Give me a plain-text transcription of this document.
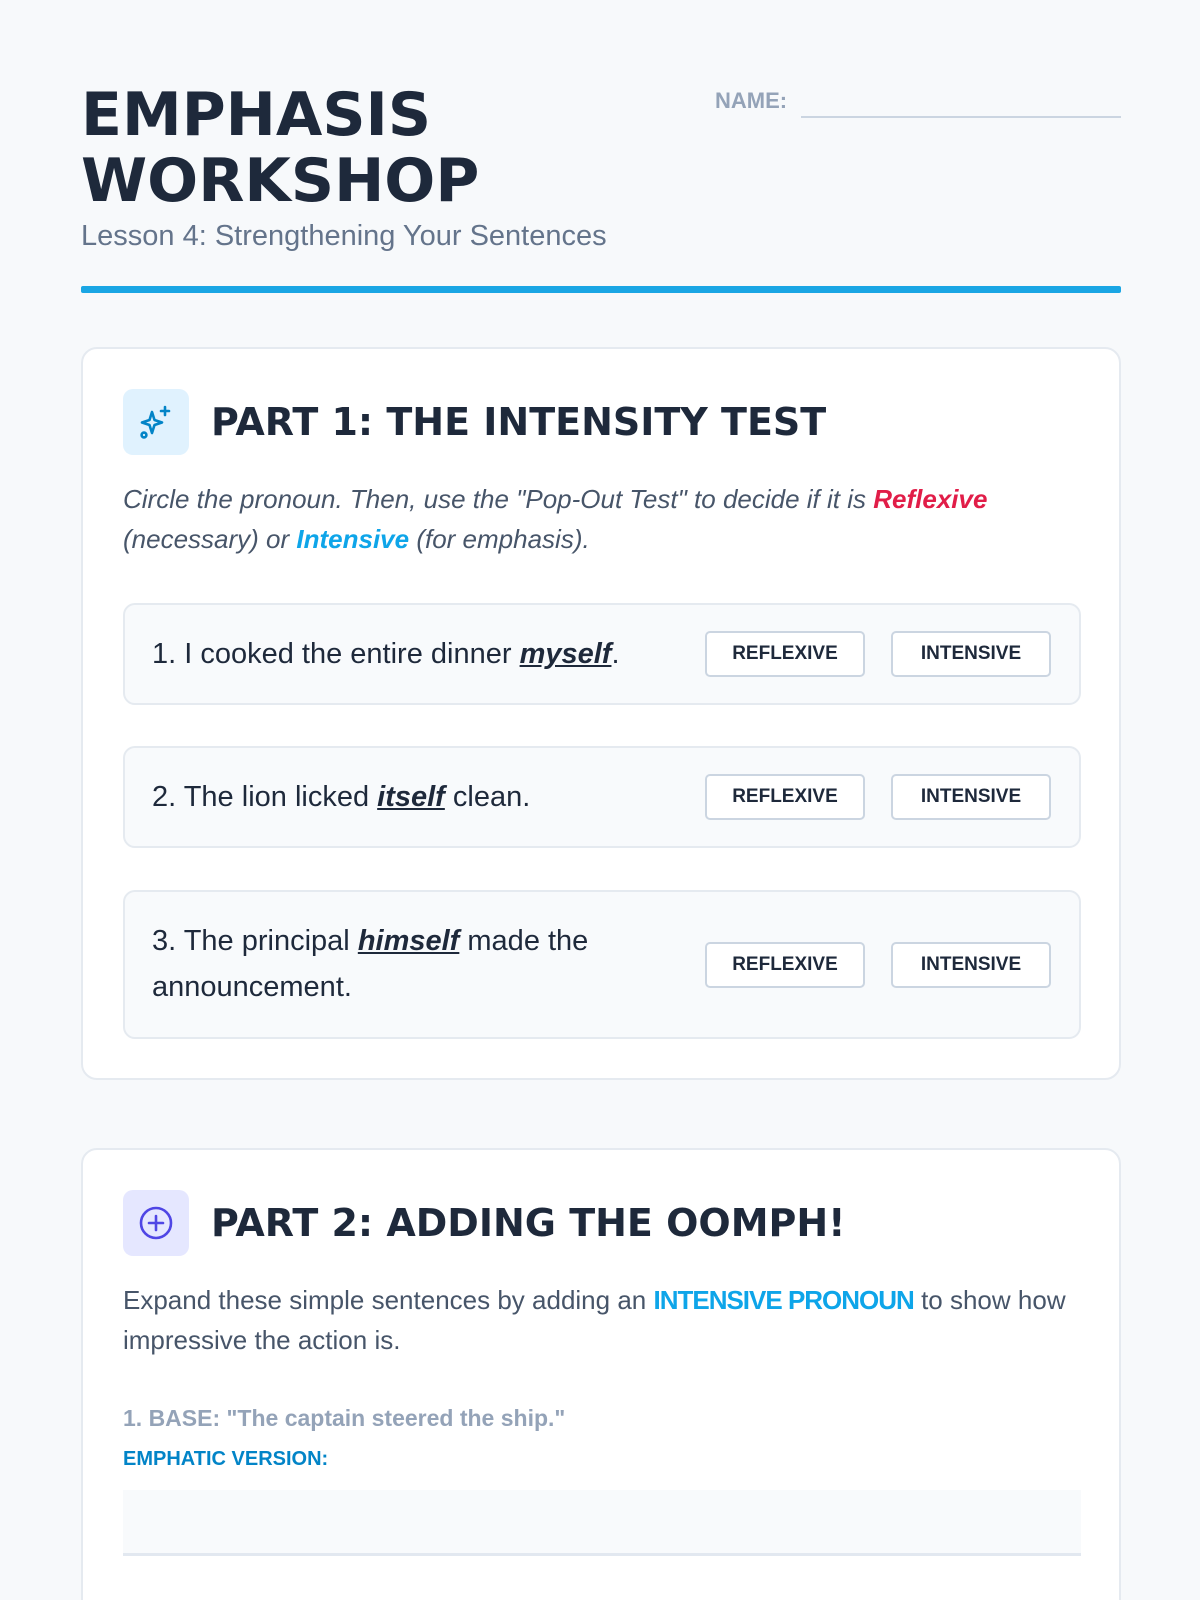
EMPHASIS
WORKSHOP
Lesson 4: Strengthening Your Sentences
NAME:
PART 1: THE INTENSITY TEST

Circle the pronoun. Then, use the "Pop-Out Test" to decide if it is Reflexive (necessary) or Intensive (for emphasis).

1. I cooked the entire dinner myself.	REFLEXIVE	INTENSIVE
2. The lion licked itself clean.	REFLEXIVE	INTENSIVE
3. The principal himself made the announcement.
REFLEXIVE	INTENSIVE
PART 2: ADDING THE OOMPH!

Expand these simple sentences by adding an INTENSIVE PRONOUN to show how impressive the action is.

1. BASE: "The captain steered the ship."
EMPHATIC VERSION:
